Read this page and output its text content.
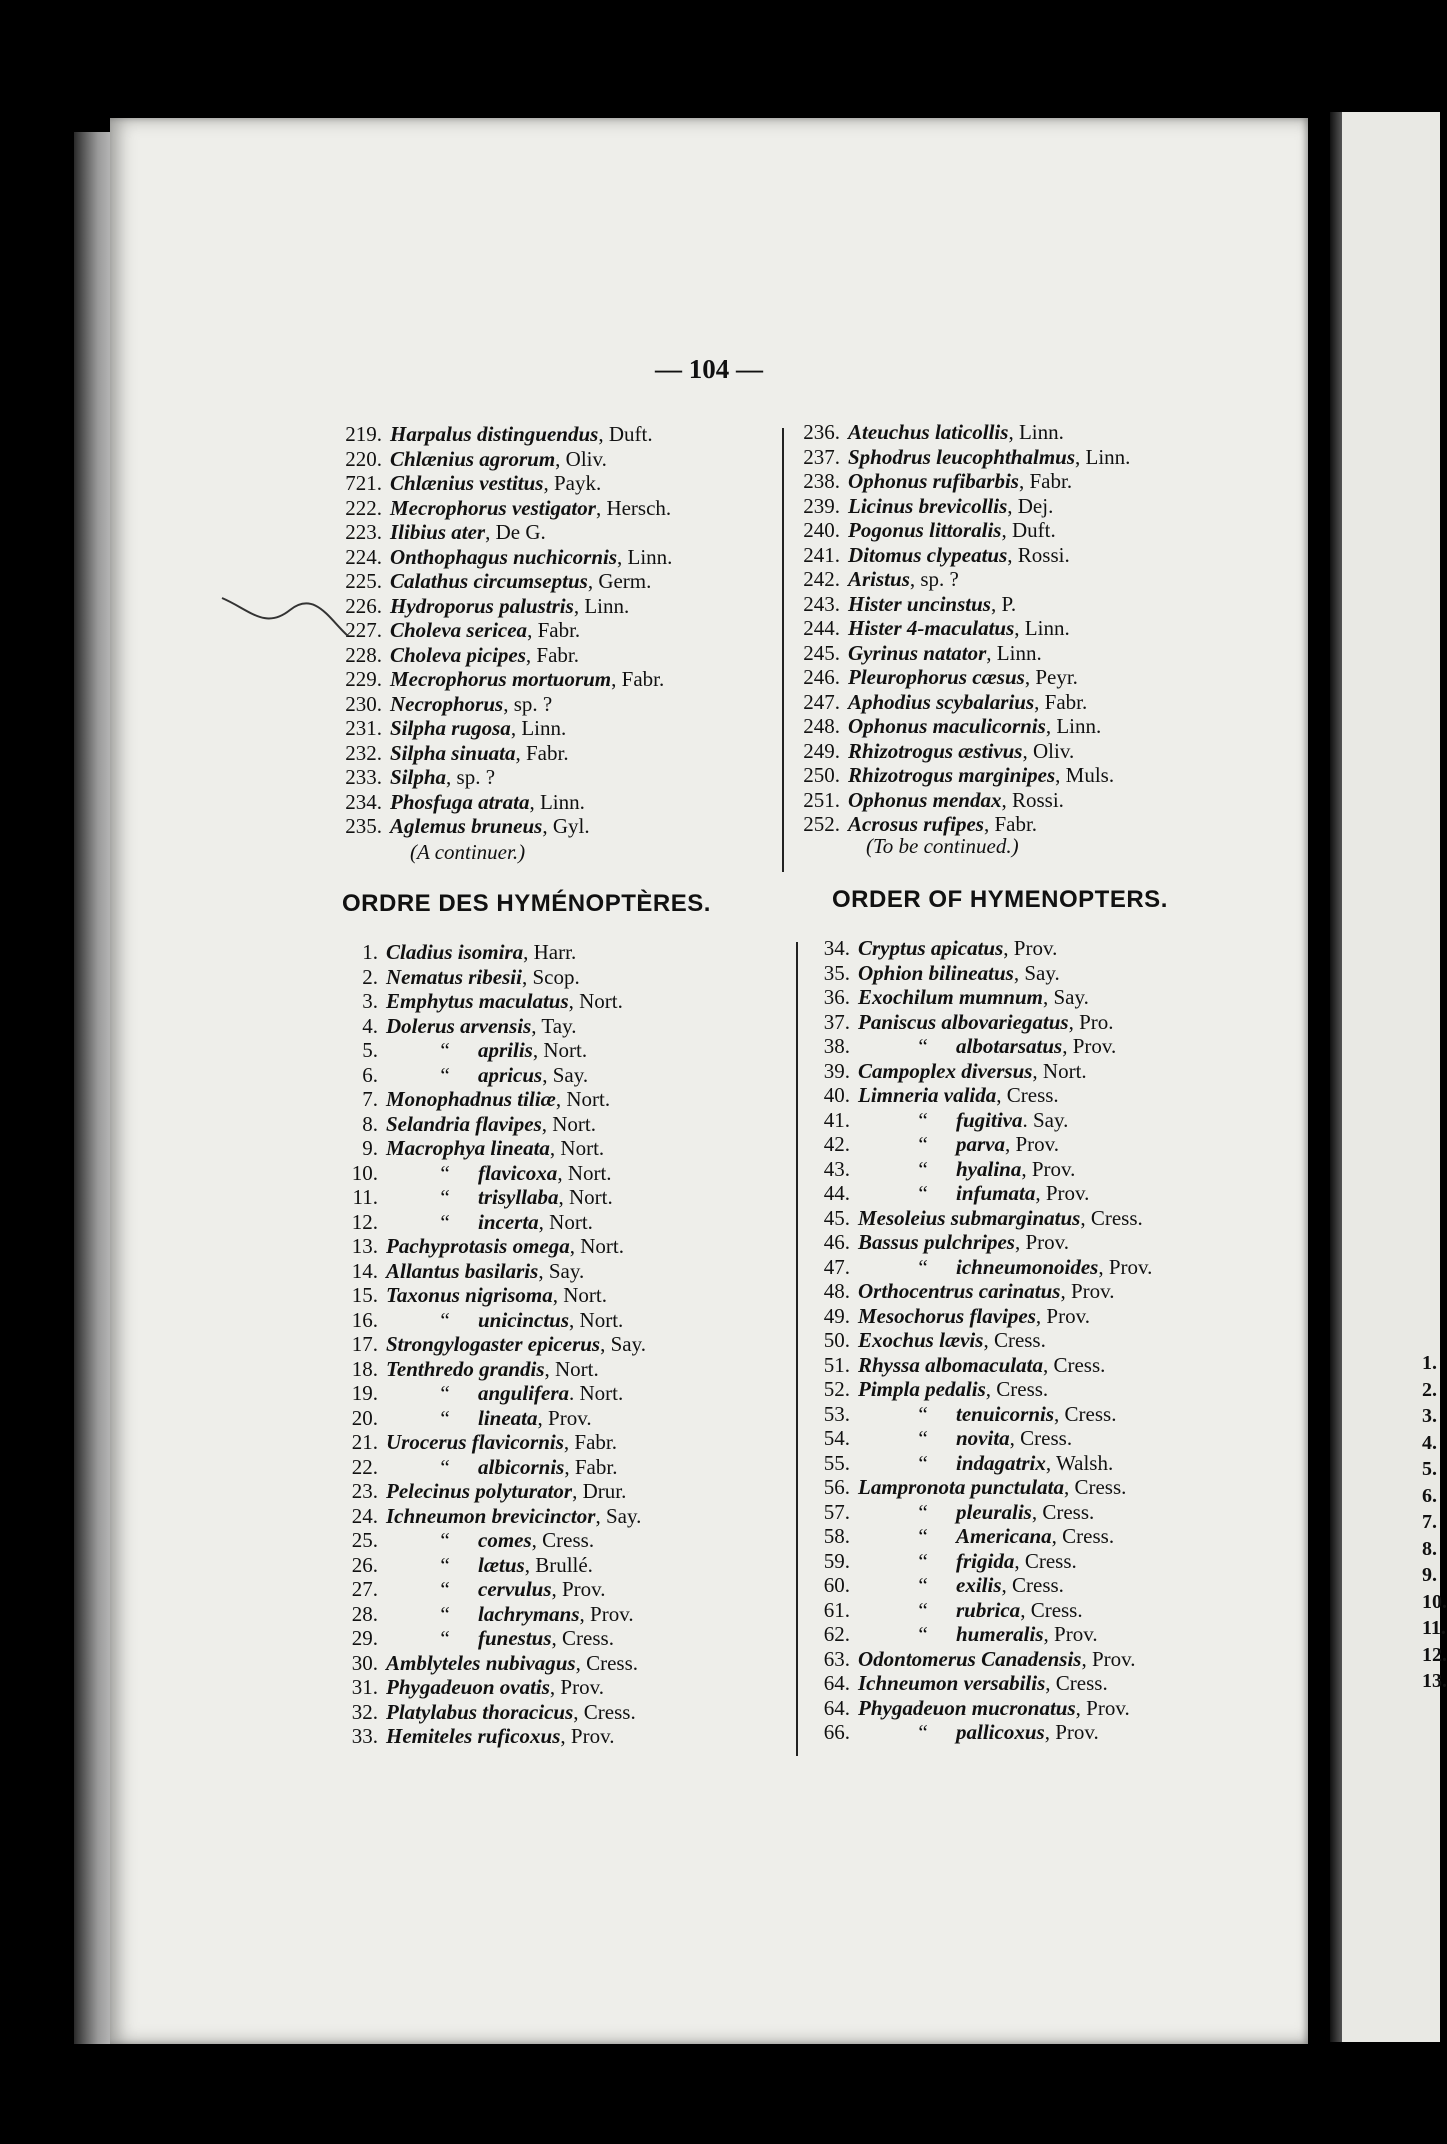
— 104 —
219. Harpalus distinguendus, Duft.
220. Chlænius agrorum, Oliv.
721. Chlænius vestitus, Payk.
222. Mecrophorus vestigator, Hersch.
223. Ilibius ater, De G.
224. Onthophagus nuchicornis, Linn.
225. Calathus circumseptus, Germ.
226. Hydroporus palustris, Linn.
227. Choleva sericea, Fabr.
228. Choleva picipes, Fabr.
229. Mecrophorus mortuorum, Fabr.
230. Necrophorus, sp. ?
231. Silpha rugosa, Linn.
232. Silpha sinuata, Fabr.
233. Silpha, sp. ?
234. Phosfuga atrata, Linn.
235. Aglemus bruneus, Gyl.
(A continuer.)
236. Ateuchus laticollis, Linn.
237. Sphodrus leucophthalmus, Linn.
238. Ophonus rufibarbis, Fabr.
239. Licinus brevicollis, Dej.
240. Pogonus littoralis, Duft.
241. Ditomus clypeatus, Rossi.
242. Aristus, sp. ?
243. Hister uncinstus, P.
244. Hister 4-maculatus, Linn.
245. Gyrinus natator, Linn.
246. Pleurophorus cæsus, Peyr.
247. Aphodius scybalarius, Fabr.
248. Ophonus maculicornis, Linn.
249. Rhizotrogus æstivus, Oliv.
250. Rhizotrogus marginipes, Muls.
251. Ophonus mendax, Rossi.
252. Acrosus rufipes, Fabr.
(To be continued.)
ORDRE DES HYMÉNOPTÈRES.	ORDER OF HYMENOPTERS.
1. Cladius isomira, Harr.
2. Nematus ribesii, Scop.
3. Emphytus maculatus, Nort.
4. Dolerus arvensis, Tay.
5.	“ aprilis, Nort.
6.	“ apricus, Say.
7. Monophadnus tiliæ, Nort.
8. Selandria flavipes, Nort.
9. Macrophya lineata, Nort.
10.	“ flavicoxa, Nort.
11.	“ trisyllaba, Nort.
12.	“ incerta, Nort.
13. Pachyprotasis omega, Nort.
14. Allantus basilaris, Say.
15. Taxonus nigrisoma, Nort.
16.	“ unicinctus, Nort.
17. Strongylogaster epicerus, Say.
18. Tenthredo grandis, Nort.
19.	“ angulifera. Nort.
20.	“ lineata, Prov.
21. Urocerus flavicornis, Fabr.
22.	“ albicornis, Fabr.
23. Pelecinus polyturator, Drur.
24. Ichneumon brevicinctor, Say.
25.	“ comes, Cress.
26.	“ lætus, Brullé.
27.	“ cervulus, Prov.
28.	“ lachrymans, Prov.
29.	“ funestus, Cress.
30. Amblyteles nubivagus, Cress.
31. Phygadeuon ovatis, Prov.
32. Platylabus thoracicus, Cress.
33. Hemiteles ruficoxus, Prov.
34. Cryptus apicatus, Prov.
35. Ophion bilineatus, Say.
36. Exochilum mumnum, Say.
37. Paniscus albovariegatus, Pro.
38.	“ albotarsatus, Prov.
39. Campoplex diversus, Nort.
40. Limneria valida, Cress.
41.	“ fugitiva. Say.
42.	“ parva, Prov.
43.	“ hyalina, Prov.
44.	“ infumata, Prov.
45. Mesoleius submarginatus, Cress.
46. Bassus pulchripes, Prov.
47.	“ ichneumonoides, Prov.
48. Orthocentrus carinatus, Prov.
49. Mesochorus flavipes, Prov.
50. Exochus lævis, Cress.
51. Rhyssa albomaculata, Cress.
52. Pimpla pedalis, Cress.
53.	“ tenuicornis, Cress.
54.	“ novita, Cress.
55.	“ indagatrix, Walsh.
56. Lampronota punctulata, Cress.
57.	“ pleuralis, Cress.
58.	“ Americana, Cress.
59.	“ frigida, Cress.
60.	“ exilis, Cress.
61.	“ rubrica, Cress.
62.	“ humeralis, Prov.
63. Odontomerus Canadensis, Prov.
64. Ichneumon versabilis, Cress.
64. Phygadeuon mucronatus, Prov.
66.	“ pallicoxus, Prov.
1.
2.
3.
4.
5.
6.
7.
8.
9.
10.
11.
12.
13.
